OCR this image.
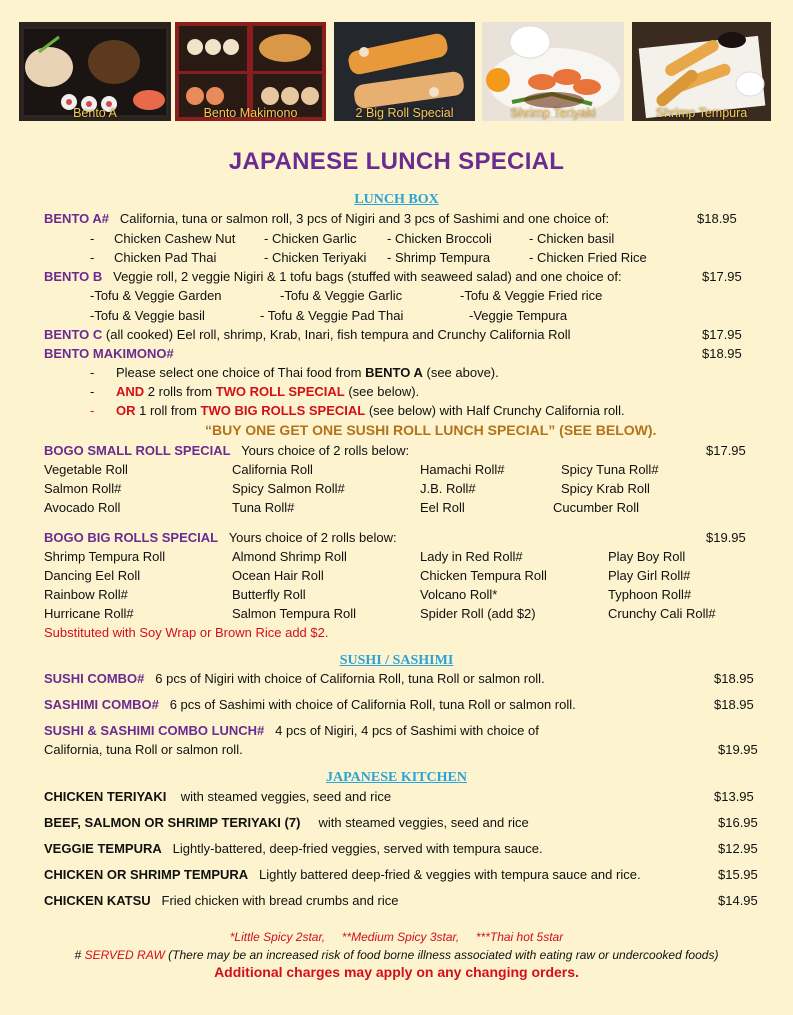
Bento A	Bento Makimono	2 Big Roll Special	Shrimp Teriyaki	Shrimp Tempura
JAPANESE LUNCH SPECIAL
LUNCH BOX
BENTO A# California, tuna or salmon roll, 3 pcs of Nigiri and 3 pcs of Sashimi and one choice of:	$18.95
- Chicken Cashew Nut - Chicken Garlic - Chicken Broccoli	- Chicken basil
- Chicken Pad Thai	- Chicken Teriyaki - Shrimp Tempura	- Chicken Fried Rice
BENTO B Veggie roll, 2 veggie Nigiri & 1 tofu bags (stuffed with seaweed salad) and one choice of:	$17.95
-Tofu & Veggie Garden	-Tofu & Veggie Garlic	-Tofu & Veggie Fried rice
-Tofu & Veggie basil	- Tofu & Veggie Pad Thai	-Veggie Tempura
BENTO C (all cooked) Eel roll, shrimp, Krab, Inari, fish tempura and Crunchy California Roll	$17.95
BENTO MAKIMONO#	$18.95
-      Please select one choice of Thai food from BENTO A (see above).
-      AND 2 rolls from TWO ROLL SPECIAL (see below).
- OR 1 roll from TWO BIG ROLLS SPECIAL (see below) with Half Crunchy California roll.
“BUY ONE GET ONE SUSHI ROLL LUNCH SPECIAL” (SEE BELOW).
BOGO SMALL ROLL SPECIAL Yours choice of 2 rolls below:	$17.95
Vegetable Roll	California Roll	Hamachi Roll#	Spicy Tuna Roll#
Salmon Roll#	Spicy Salmon Roll#	J.B. Roll#	Spicy Krab Roll
Avocado Roll	Tuna Roll#	Eel Roll	Cucumber Roll
BOGO BIG ROLLS SPECIAL Yours choice of 2 rolls below:	$19.95
Shrimp Tempura Roll	Almond Shrimp Roll	Lady in Red Roll#	Play Boy Roll
Dancing Eel Roll	Ocean Hair Roll	Chicken Tempura Roll	Play Girl Roll#
Rainbow Roll#	Butterfly Roll	Volcano Roll*	Typhoon Roll#
Hurricane Roll#	Salmon Tempura Roll	Spider Roll (add $2)	Crunchy Cali Roll#
Substituted with Soy Wrap or Brown Rice add $2.
SUSHI / SASHIMI
SUSHI COMBO# 6 pcs of Nigiri with choice of California Roll, tuna Roll or salmon roll.	$18.95
SASHIMI COMBO# 6 pcs of Sashimi with choice of California Roll, tuna Roll or salmon roll.	$18.95
SUSHI & SASHIMI COMBO LUNCH# 4 pcs of Nigiri, 4 pcs of Sashimi with choice of
California, tuna Roll or salmon roll.	$19.95
JAPANESE KITCHEN
CHICKEN TERIYAKI with steamed veggies, seed and rice	$13.95
BEEF, SALMON OR SHRIMP TERIYAKI (7) with steamed veggies, seed and rice	$16.95
VEGGIE TEMPURA Lightly-battered, deep-fried veggies, served with tempura sauce.	$12.95
CHICKEN OR SHRIMP TEMPURA Lightly battered deep-fried & veggies with tempura sauce and rice.	$15.95
CHICKEN KATSU Fried chicken with bread crumbs and rice	$14.95
*Little Spicy 2star,     **Medium Spicy 3star,     ***Thai hot 5star
# SERVED RAW (There may be an increased risk of food borne illness associated with eating raw or undercooked foods)
Additional charges may apply on any changing orders.
